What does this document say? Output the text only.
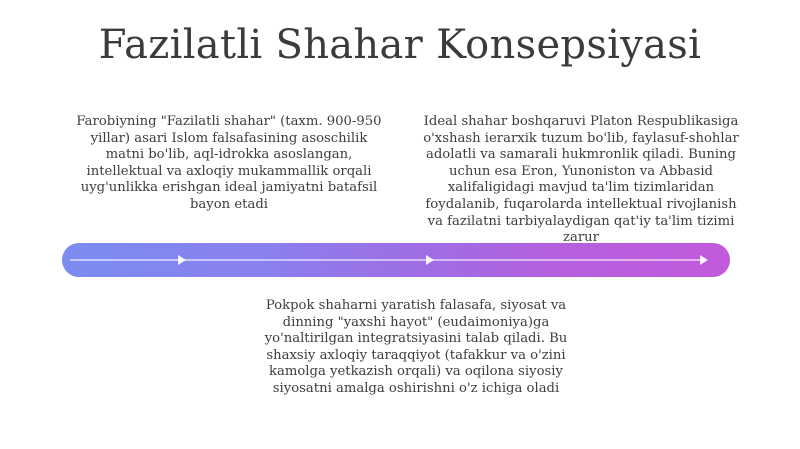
Fazilatli Shahar Konsepsiyasi

Farobiyning "Fazilatli shahar" (taxm. 900-950 yillar) asari Islom falsafasining asoschilik matni bo'lib, aql-idrokka asoslangan, intellektual va axloqiy mukammallik orqali uyg'unlikka erishgan ideal jamiyatni batafsil bayon etadi

Ideal shahar boshqaruvi Platon Respublikasiga o'xshash ierarxik tuzum bo'lib, faylasuf-shohlar adolatli va samarali hukmronlik qiladi. Buning uchun esa Eron, Yunoniston va Abbasid xalifaligidagi mavjud ta'lim tizimlaridan foydalanib, fuqarolarda intellektual rivojlanish va fazilatni tarbiyalaydigan qat'iy ta'lim tizimi zarur

Pokpok shaharni yaratish falasafa, siyosat va dinning "yaxshi hayot" (eudaimoniya)ga yo'naltirilgan integratsiyasini talab qiladi. Bu shaxsiy axloqiy taraqqiyot (tafakkur va o'zini kamolga yetkazish orqali) va oqilona siyosiy siyosatni amalga oshirishni o'z ichiga oladi
